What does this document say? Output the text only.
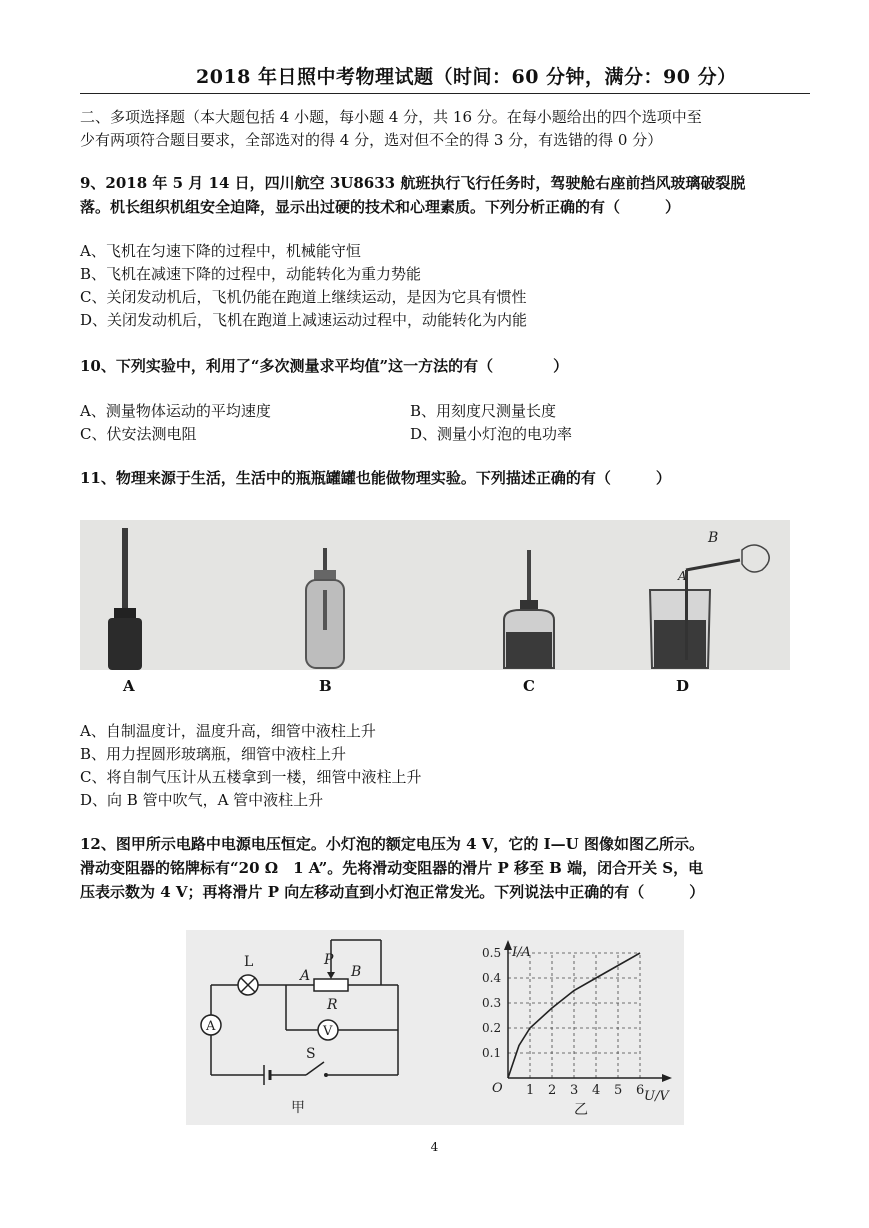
2018 年日照中考物理试题（时间：60 分钟，满分：90 分）
二、多项选择题（本大题包括 4 小题，每小题 4 分，共 16 分。在每小题给出的四个选项中至
少有两项符合题目要求，全部选对的得 4 分，选对但不全的得 3 分，有选错的得 0 分）
9、2018 年 5 月 14 日，四川航空 3U8633 航班执行飞行任务时，驾驶舱右座前挡风玻璃破裂脱
落。机长组织机组安全迫降，显示出过硬的技术和心理素质。下列分析正确的有（　　　）
A、飞机在匀速下降的过程中，机械能守恒
B、飞机在减速下降的过程中，动能转化为重力势能
C、关闭发动机后，飞机仍能在跑道上继续运动，是因为它具有惯性
D、关闭发动机后，飞机在跑道上减速运动过程中，动能转化为内能
10、下列实验中，利用了“多次测量求平均值”这一方法的有（　　　　）
A、测量物体运动的平均速度	B、用刻度尺测量长度
C、伏安法测电阻	D、测量小灯泡的电功率
11、物理来源于生活，生活中的瓶瓶罐罐也能做物理实验。下列描述正确的有（　　　）
B
A
A	B	C	D
A、自制温度计，温度升高，细管中液柱上升
B、用力捏圆形玻璃瓶，细管中液柱上升
C、将自制气压计从五楼拿到一楼，细管中液柱上升
D、向 B 管中吹气，A 管中液柱上升
12、图甲所示电路中电源电压恒定。小灯泡的额定电压为 4 V，它的 I—U 图像如图乙所示。
滑动变阻器的铭牌标有“20 Ω　1 A”。先将滑动变阻器的滑片 P 移至 B 端，闭合开关 S，电
压表示数为 4 V；再将滑片 P 向左移动直到小灯泡正常发光。下列说法中正确的有（　　　）
A	V
L
A
P
B
R
S
甲
0.5
0.4
0.3
0.2
0.1
1 2 3 4 5 6
I/A
U/V
O
乙
4
